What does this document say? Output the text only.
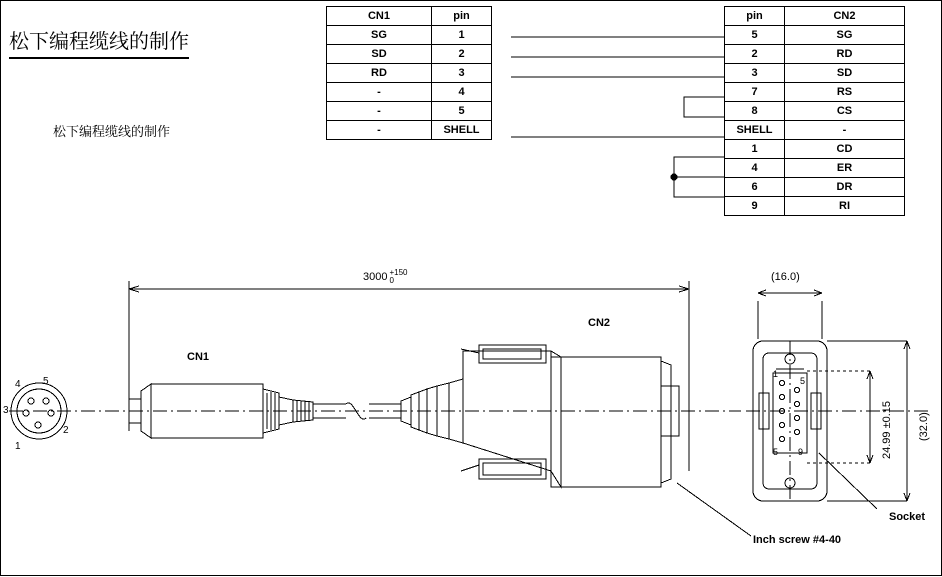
松下编程缆线的制作
松下编程缆线的制作
CN1	pin
SG	1
SD	2
RD	3
-	4
-	5
-	SHELL
pin	CN2
5	SG
2	RD
3	SD
7	RS
8	CS
SHELL	-
1	CD
4	ER
6	DR
9	RI
3000 +150
0
CN1
CN2
(16.0)
24.99 ±0.15 (32.0)
Socket
Inch screw #4-40
4 5
3
2
1
1
5
5 9
